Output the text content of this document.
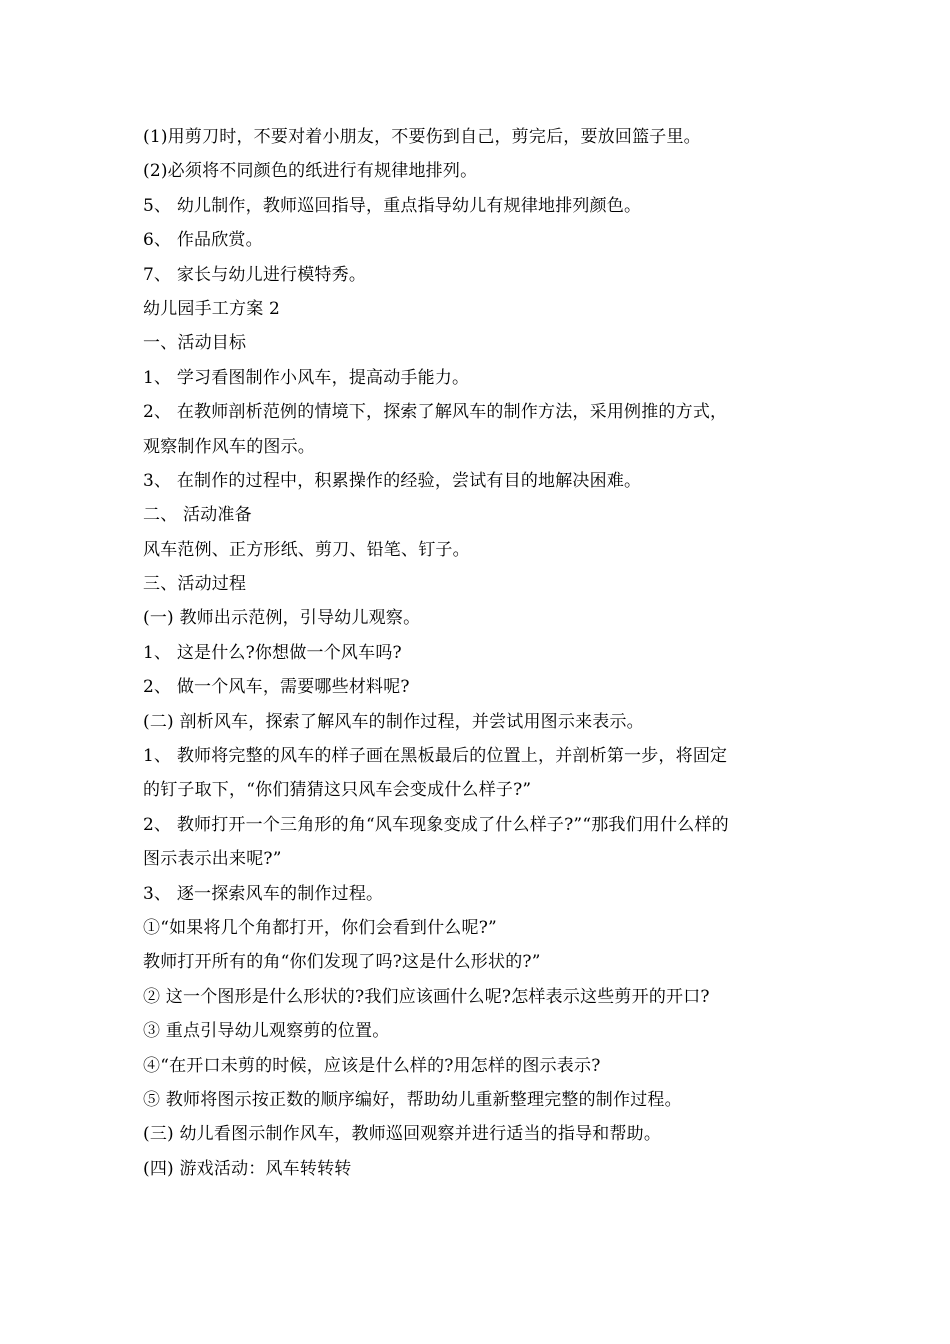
(1)用剪刀时，不要对着小朋友，不要伤到自己，剪完后，要放回篮子里。
(2)必须将不同颜色的纸进行有规律地排列。
5、 幼儿制作，教师巡回指导，重点指导幼儿有规律地排列颜色。
6、 作品欣赏。
7、 家长与幼儿进行模特秀。
幼儿园手工方案 2
一、活动目标
1、 学习看图制作小风车，提高动手能力。
2、 在教师剖析范例的情境下，探索了解风车的制作方法，采用例推的方式，
观察制作风车的图示。
3、 在制作的过程中，积累操作的经验，尝试有目的地解决困难。
二、 活动准备
风车范例、正方形纸、剪刀、铅笔、钉子。
三、活动过程
(一) 教师出示范例，引导幼儿观察。
1、 这是什么?你想做一个风车吗?
2、 做一个风车，需要哪些材料呢?
(二) 剖析风车，探索了解风车的制作过程，并尝试用图示来表示。
1、 教师将完整的风车的样子画在黑板最后的位置上，并剖析第一步，将固定
的钉子取下，“你们猜猜这只风车会变成什么样子?”
2、 教师打开一个三角形的角“风车现象变成了什么样子?”“那我们用什么样的
图示表示出来呢?”
3、 逐一探索风车的制作过程。
①“如果将几个角都打开，你们会看到什么呢?”
教师打开所有的角“你们发现了吗?这是什么形状的?”
② 这一个图形是什么形状的?我们应该画什么呢?怎样表示这些剪开的开口?
③ 重点引导幼儿观察剪的位置。
④“在开口未剪的时候，应该是什么样的?用怎样的图示表示?
⑤ 教师将图示按正数的顺序编好，帮助幼儿重新整理完整的制作过程。
(三) 幼儿看图示制作风车，教师巡回观察并进行适当的指导和帮助。
(四) 游戏活动：风车转转转
